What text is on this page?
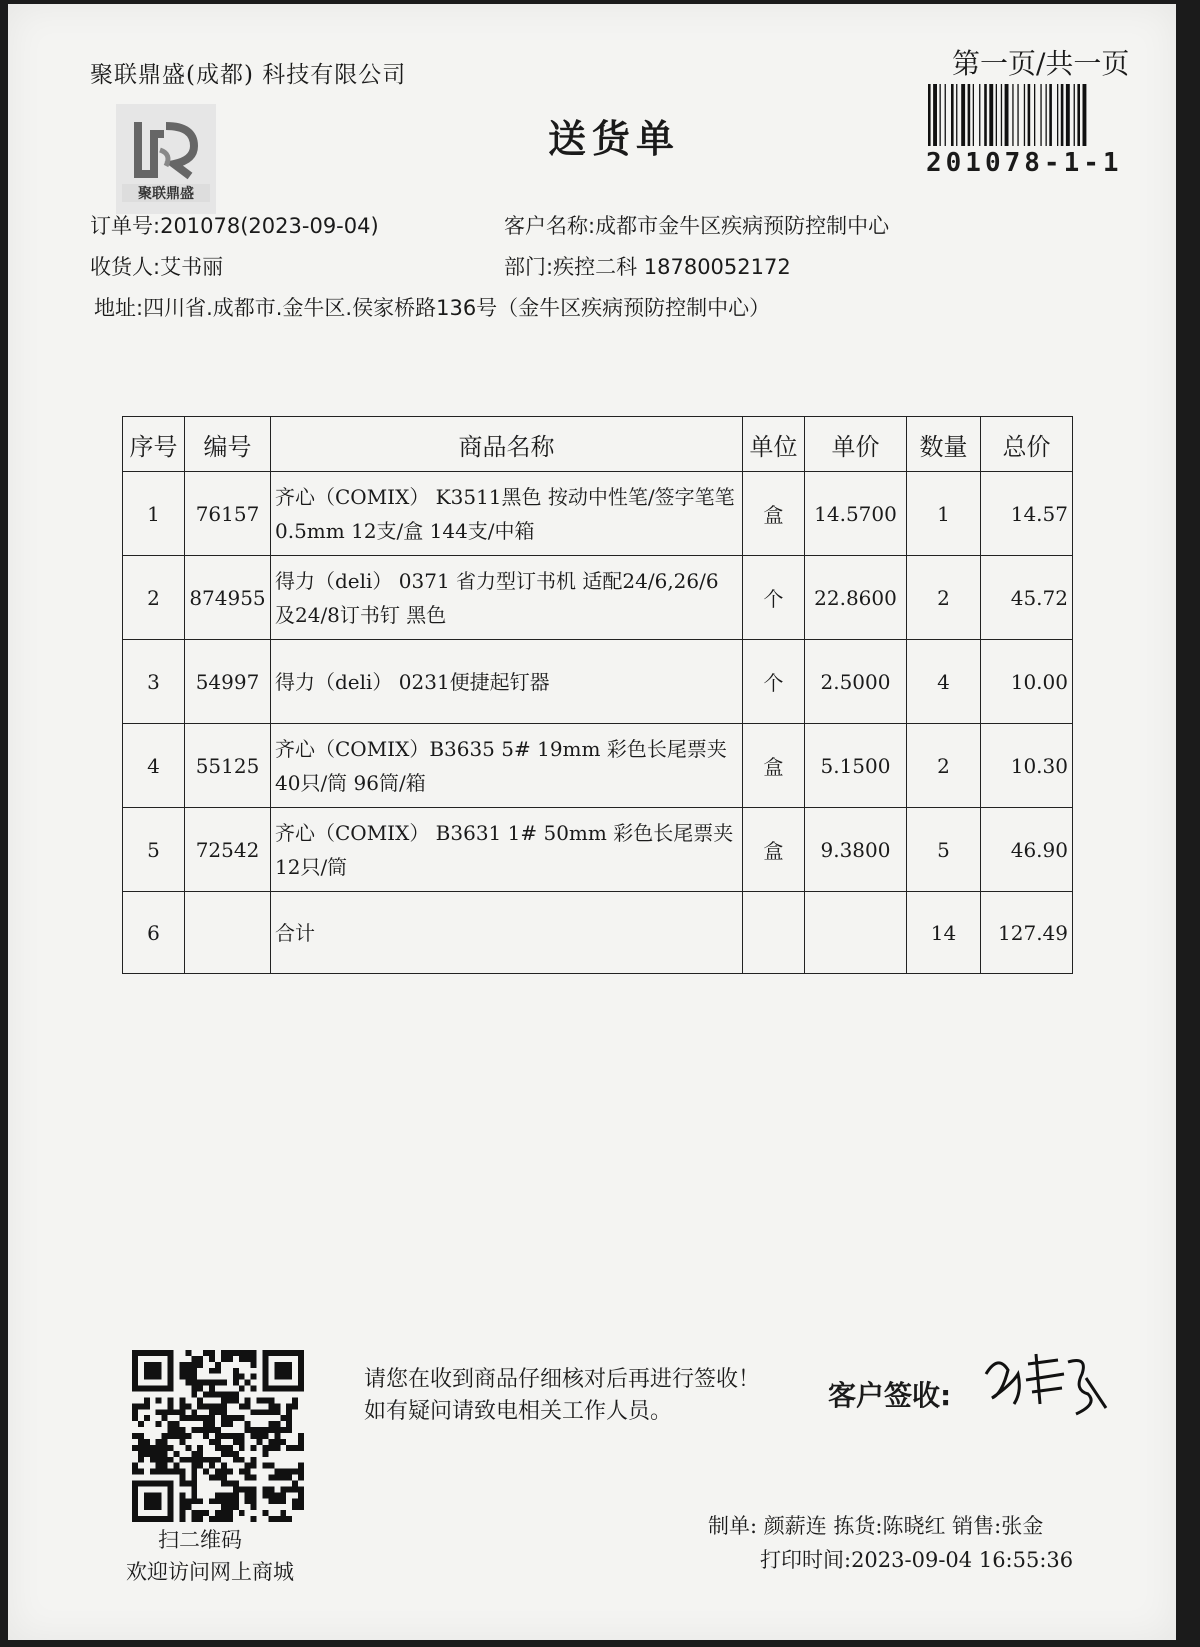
聚联鼎盛(成都) 科技有限公司	第一页/共一页
聚联鼎盛
送货单
201078-1-1
订单号:201078(2023-09-04)	客户名称:成都市金牛区疾病预防控制中心
收货人:艾书丽	部门:疾控二科 18780052172
地址:四川省.成都市.金牛区.侯家桥路136号（金牛区疾病预防控制中心）
序号	编号	商品名称	单位	单价	数量	总价
1	76157	齐心（COMIX） K3511黑色 按动中性笔/签字笔笔0.5mm 12支/盒 144支/中箱	盒	14.5700	1	14.57
2	874955	得力（deli） 0371 省力型订书机 适配24/6,26/6及24/8订书钉 黑色	个	22.8600	2	45.72
3	54997	得力（deli） 0231便捷起钉器	个	2.5000	4	10.00
4	55125	齐心（COMIX）B3635 5# 19mm 彩色长尾票夹 40只/筒 96筒/箱	盒	5.1500	2	10.30
5	72542	齐心（COMIX） B3631 1# 50mm 彩色长尾票夹 12只/筒	盒	9.3800	5	46.90
6		合计			14	127.49
扫二维码
欢迎访问网上商城
请您在收到商品仔细核对后再进行签收！如有疑问请致电相关工作人员。	客户签收:
制单: 颜薪连 拣货:陈晓红 销售:张金
打印时间:2023-09-04 16:55:36
